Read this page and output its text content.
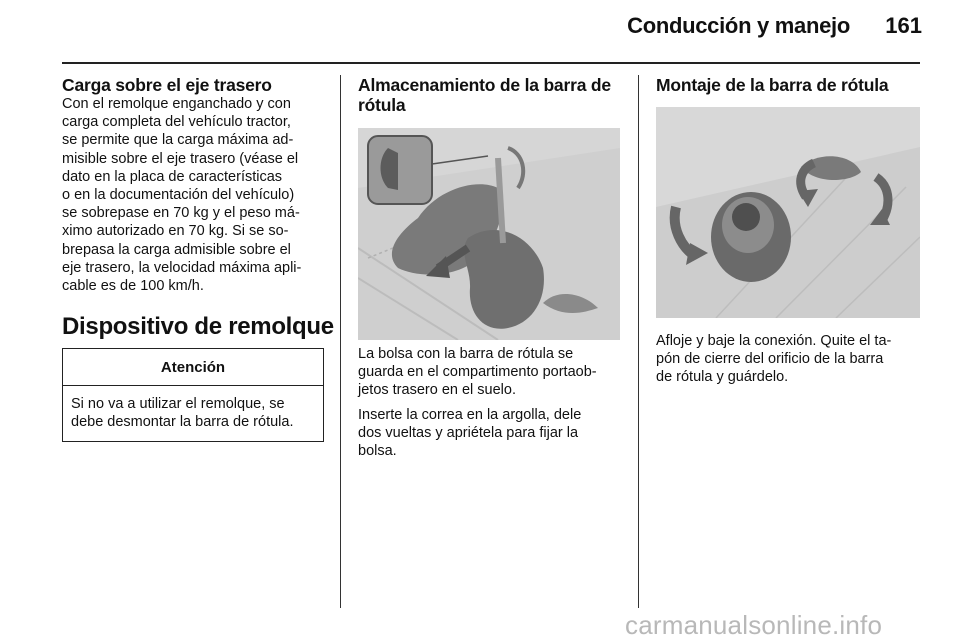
Conducción y manejo	161
Carga sobre el eje trasero

Con el remolque enganchado y con
carga completa del vehículo tractor,
se permite que la carga máxima ad-
misible sobre el eje trasero (véase el
dato en la placa de características
o en la documentación del vehículo)
se sobrepase en 70 kg y el peso má-
ximo autorizado en 70 kg. Si se so-
brepasa la carga admisible sobre el
eje trasero, la velocidad máxima apli-
cable es de 100 km/h.

Dispositivo de remolque
Atención
Si no va a utilizar el remolque, se
debe desmontar la barra de rótula.
Almacenamiento de la barra de
rótula

La bolsa con la barra de rótula se
guarda en el compartimento portaob-
jetos trasero en el suelo.

Inserte la correa en la argolla, dele
dos vueltas y apriétela para fijar la
bolsa.

Montaje de la barra de rótula

Afloje y baje la conexión. Quite el ta-
pón de cierre del orificio de la barra
de rótula y guárdelo.

carmanualsonline.info
